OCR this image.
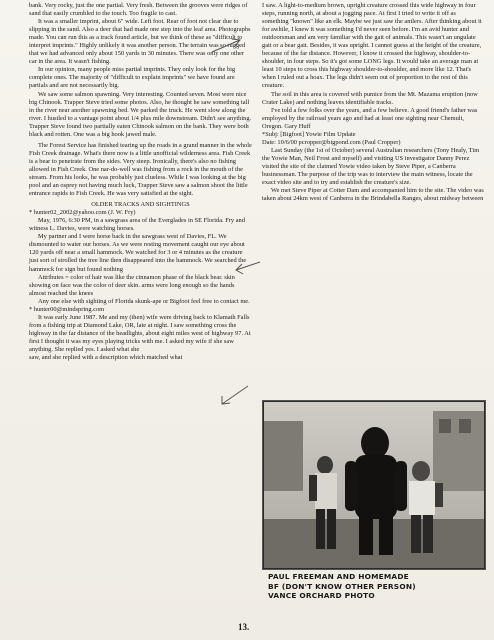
bank. Very rocky, just the one partial. Very fresh. Between the grooves were ridges of sand that easily crumbled to the touch. Too fragile to cast.

It was a smaller imprint, about 6" wide. Left foot. Rear of foot not clear due to slipping in the sand. Also a deer that had made one step into the leaf area. Photographs made. You can run this as a track found article, but we think of these as "difficult to interpret imprints." Highly unlikely it was another person. The terrain was so rugged that we had advanced only about 150 yards in 30 minutes. There was only one other car in the area. It wasn't fishing.

In our opinion, many people miss partial imprints. They only look for the big complete ones. The majority of "difficult to explain imprints" we have found are partials and are not necessarily big.

We saw some salmon spawning. Very interesting. Counted seven. Most were nice big Chinook. Trapper Steve tried some photos. Also, he thought he saw something tall in the river near another spawning bed. We parked the truck. He went slow along the river. I hustled to a vantage point about 1/4 plus mile downstream. Didn't see anything. Trapper Steve found two partially eaten Chinook salmon on the bank. They were both black and rotten. One was a big hook jawed male.

The Forest Service has finished tearing up the roads in a grand manner in the whole Fish Creek drainage. What's there now is a little unofficial wilderness area. Fish Creek is a bear to penetrate from the sides. Very steep. Ironically, there's also no fishing allowed in Fish Creek. One nar-do-well was fishing from a rock in the mouth of the stream. From his looks, he was probably just clueless. While I was looking at the big pool and an osprey not having much luck, Trapper Steve saw a salmon shoot the little entrance rapids to Fish Creek. He was very satisfied at the sight.

OLDER TRACKS AND SIGHTINGS

* hunter02_2002@yahoo.com (J. W. Fry)

May, 1976, 6:30 PM, in a sawgrass area of the Everglades in SE Florida. Fry and witness L. Davies, were watching horses.

My partner and I were horse back in the sawgrass west of Davies, FL. We dismounted to water our horses. As we were resting movement caught our eye about 120 yards off near a small hammock. We watched for 3 or 4 minutes as the creature just sort of strolled the tree line then disappeared into the hammock. We searched the hammock for sign but found nothing

Attributes = color of hair was like the cinnamon phase of the black bear. skin showing on face was the color of deer skin. arms were long enough so the hands almost reached the knees

Any one else with sighting of Florida skunk-ape or Bigfoot feel free to contact me.

* hunter00@mindspring.com

It was early June 1987. Me and my (then) wife were driving back to Klamath Falls from a fishing trip at Diamond Lake, OR, late at night. I saw something cross the highway in the far distance of the headlights, about eight miles west of highway 97. At first I thought it was my eyes playing tricks with me. I asked my wife if she saw anything. She replied yes. I asked what she

saw, and she replied with a description which matched what

I saw. A light-to-medium brown, upright creature crossed this wide highway in four steps, running north, at about a jogging pace. At first I tried to write it off as something "known" like an elk. Maybe we just saw the antlers. After thinking about it for awhile, I knew it was something I'd never seen before. I'm an avid hunter and outdoorsman and am very familiar with the gait of animals. This wasn't an ungulate gait or a bear gait. Besides, it was upright. I cannot guess at the height of the creature, because of the far distance. However, I know it crossed the highway, shoulder-to-shoulder, in four steps. So it's got some LONG legs. It would take an average man at least 10 steps to cross this highway shoulder-to-shoulder, and more like 12. That's when I ruled out a hoax. The legs didn't seem out of proportion to the rest of this creature.

The soil in this area is covered with pumice from the Mt. Mazama eruption (now Crater Lake) and nothing leaves identifiable tracks.

I've told a few folks over the years, and a few believe. A good friend's father was employed by the railroad years ago and had at least one sighting near Chemult, Oregon. Gary Huff

*Subj: [Bigfoot] Yowie Film Update

Date: 10/6/00 pcropper@bigpond.com (Paul Cropper)

Last Sunday (the 1st of October) several Australian researchers (Tony Healy, Tim the Yowie Man, Neil Frost and myself) and visiting US investigator Danny Perez visited the site of the claimed Yowie video taken by Steve Piper, a Canberra businessman. The purpose of the trip was to interview the main witness, locate the exact video site and to try and establish the creature's size.

We met Steve Piper at Cotter Dam and accompanied him to the site. The video was taken about 24km west of Canberra in the Brindabella Ranges, about midway between

PAUL FREEMAN AND HOMEMADE
BF (DON'T KNOW OTHER PERSON)
VANCE ORCHARD PHOTO
13.
